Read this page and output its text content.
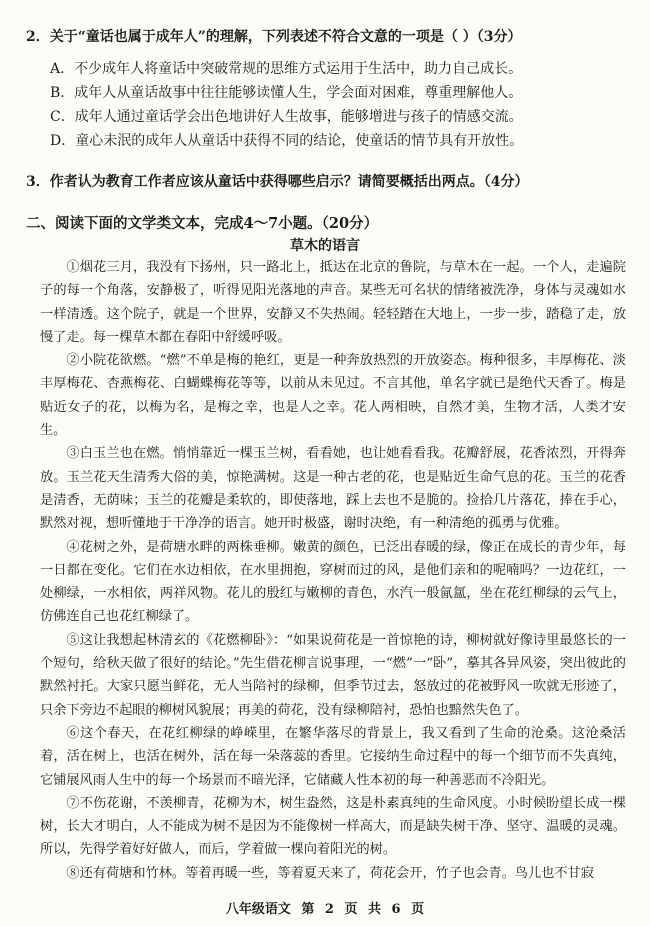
2．关于“童话也属于成年人”的理解，下列表述不符合文意的一项是（ ）（3分）
A．不少成年人将童话中突破常规的思维方式运用于生活中，助力自己成长。
B．成年人从童话故事中往往能够读懂人生，学会面对困难，尊重理解他人。
C．成年人通过童话学会出色地讲好人生故事，能够增进与孩子的情感交流。
D．童心未泯的成年人从童话中获得不同的结论，使童话的情节具有开放性。
3．作者认为教育工作者应该从童话中获得哪些启示？请简要概括出两点。（4分）
二、阅读下面的文学类文本，完成4～7小题。（20分）
草木的语言

①烟花三月，我没有下扬州，只一路北上，抵达在北京的鲁院，与草木在一起。一个人，走遍院子的每一个角落，安静极了，听得见阳光落地的声音。某些无可名状的情绪被洗净，身体与灵魂如水一样清透。这个院子，就是一个世界，安静又不失热闹。轻轻踏在大地上，一步一步，踏稳了走，放慢了走。每一棵草木都在春阳中舒缓呼吸。

②小院花欲燃。“燃”不单是梅的艳红，更是一种奔放热烈的开放姿态。梅种很多，丰厚梅花、淡丰厚梅花、杏燕梅花、白蝴蝶梅花等等，以前从未见过。不言其他，单名字就已是绝代天香了。梅是贴近女子的花，以梅为名，是梅之幸，也是人之幸。花人两相映，自然才美，生物才活，人类才安生。

③白玉兰也在燃。悄悄靠近一棵玉兰树，看看她，也让她看看我。花瓣舒展，花香浓烈，开得奔放。玉兰花天生清秀大俗的美，惊艳满树。这是一种古老的花，也是贴近生命气息的花。玉兰的花香是清香，无荫味；玉兰的花瓣是柔软的，即使落地，踩上去也不是脆的。捡拾几片落花，捧在手心，默然对视，想听懂地于干净净的语言。她开时极盛，谢时决绝，有一种清绝的孤勇与优雅。

④花树之外，是荷塘水畔的两株垂柳。嫩黄的颜色，已泛出春暖的绿，像正在成长的青少年，每一日都在变化。它们在水边相依，在水里拥抱，穿树而过的风，是他们亲和的呢喃吗？一边花红，一处柳绿，一水相依，两祥风物。花儿的殷红与嫩柳的青色，水汽一般氤氲，坐在花红柳绿的云气上，仿佛连自己也花红柳绿了。

⑤这让我想起林清玄的《花燃柳卧》：“如果说荷花是一首惊艳的诗，柳树就好像诗里最悠长的一个短句，给秋天做了很好的结论。”先生借花柳言说事理，一“燃”一“卧”，摹其各异风姿，突出彼此的默然衬托。大家只愿当鲜花，无人当陪衬的绿柳，但季节过去，怒放过的花被野风一吹就无形迹了，只余下旁边不起眼的柳树风貌展；再美的荷花，没有绿柳陪衬，恐怕也黯然失色了。

⑥这个春天，在花红柳绿的峥嵘里，在繁华落尽的背景上，我又看到了生命的沧桑。这沧桑活着，活在树上，也活在树外，活在每一朵落蕊的香里。它接纳生命过程中的每一个细节而不失真纯，它铺展风雨人生中的每一个场景而不暗光泽，它储藏人性本初的每一种善恶而不冷阳光。

⑦不伤花谢，不羡柳青，花柳为木，树生盎然，这是朴素真纯的生命风度。小时候盼望长成一棵树，长大才明白，人不能成为树不是因为不能像树一样高大，而是缺失树干净、坚守、温暖的灵魂。所以，先得学着好好做人，而后，学着做一棵向着阳光的树。

⑧还有荷塘和竹林。等着再暖一些，等着夏天来了，荷花会开，竹子也会青。鸟儿也不甘寂

八年级语文 第 2 页 共 6 页
